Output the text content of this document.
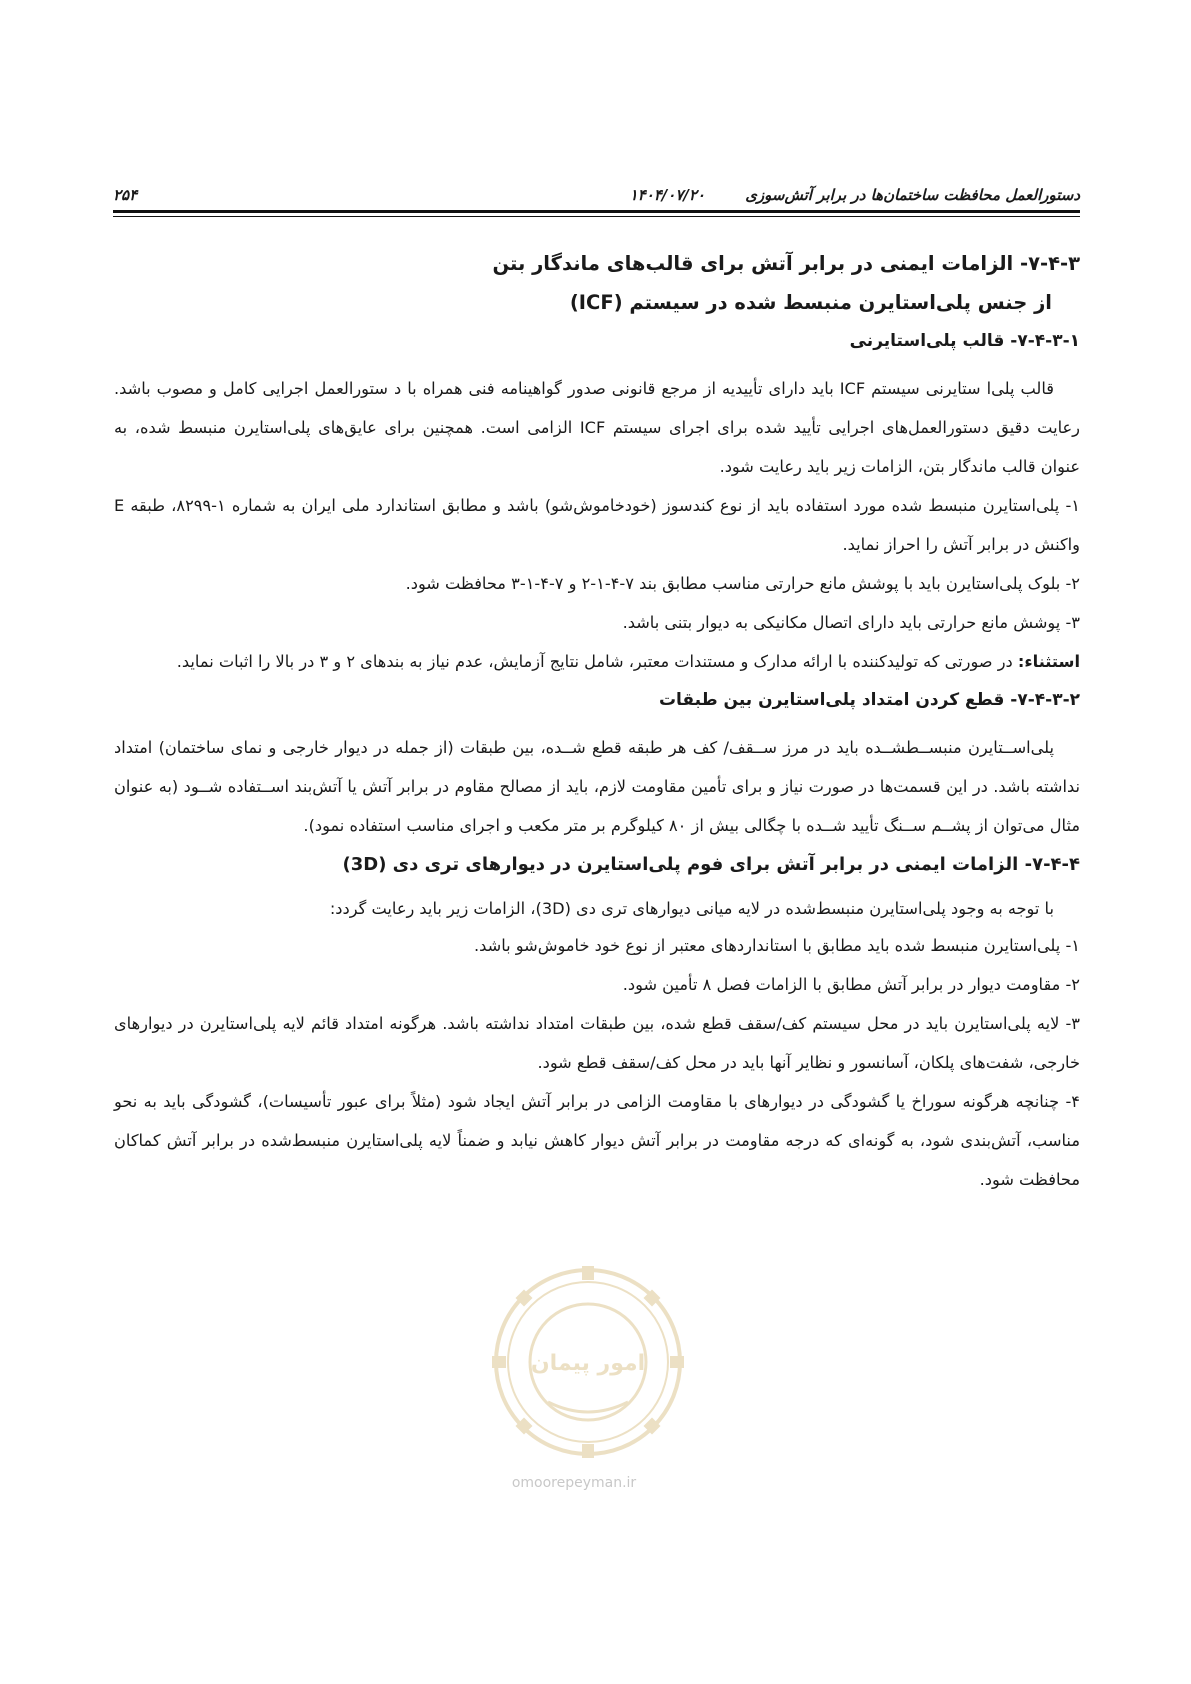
دستورالعمل محافظت ساختمان‌ها در برابر آتش‌سوزی
۱۴۰۴/۰۷/۲۰
۲۵۴

۷-۴-۳- الزامات ایمنی در برابر آتش برای قالب‌های ماندگار بتن

از جنس پلی‌استایرن منبسط شده در سیستم (ICF)

۷-۴-۳-۱- قالب پلی‌استایرنی

قالب پلی‌ا ستایرنی سیستم ICF باید دارای تأییدیه از مرجع قانونی صدور گواهینامه فنی همراه با د ستورالعمل اجرایی کامل و مصوب باشد. رعایت دقیق دستورالعمل‌های اجرایی تأیید شده برای اجرای سیستم ICF الزامی است. همچنین برای عایق‌های پلی‌استایرن منبسط شده، به عنوان قالب ماندگار بتن، الزامات زیر باید رعایت شود.

۱- پلی‌استایرن منبسط شده مورد استفاده باید از نوع کندسوز (خودخاموش‌شو) باشد و مطابق استاندارد ملی ایران به شماره ۱-۸۲۹۹، طبقه E واکنش در برابر آتش را احراز نماید.

۲- بلوک پلی‌استایرن باید با پوشش مانع حرارتی مناسب مطابق بند ۷-۴-۱-۲ و ۷-۴-۱-۳ محافظت شود.

۳- پوشش مانع حرارتی باید دارای اتصال مکانیکی به دیوار بتنی باشد.

استثناء: در صورتی که تولیدکننده با ارائه مدارک و مستندات معتبر، شامل نتایج آزمایش، عدم نیاز به بندهای ۲ و ۳ در بالا را اثبات نماید.

۷-۴-۳-۲- قطع کردن امتداد پلی‌استایرن بین طبقات

پلی‌اســتایرن منبســطشــده باید در مرز ســقف/ کف هر طبقه قطع شــده، بین طبقات (از جمله در دیوار خارجی و نمای ساختمان) امتداد نداشته باشد. در این قسمت‌ها در صورت نیاز و برای تأمین مقاومت لازم، باید از مصالح مقاوم در برابر آتش یا آتش‌بند اســتفاده شــود (به عنوان مثال می‌توان از پشــم ســنگ تأیید شــده با چگالی بیش از ۸۰ کیلوگرم بر متر مکعب و اجرای مناسب استفاده نمود).

۷-۴-۴- الزامات ایمنی در برابر آتش برای فوم پلی‌استایرن در دیوارهای تری دی (3D)

با توجه به وجود پلی‌استایرن منبسط‌شده در لایه میانی دیوارهای تری دی (3D)، الزامات زیر باید رعایت گردد:

۱- پلی‌استایرن منبسط شده باید مطابق با استانداردهای معتبر از نوع خود خاموش‌شو باشد.

۲- مقاومت دیوار در برابر آتش مطابق با الزامات فصل ۸ تأمین شود.

۳- لایه پلی‌استایرن باید در محل سیستم کف/سقف قطع شده، بین طبقات امتداد نداشته باشد. هرگونه امتداد قائم لایه پلی‌استایرن در دیوارهای خارجی، شفت‌های پلکان، آسانسور و نظایر آنها باید در محل کف/سقف قطع شود.

۴- چنانچه هرگونه سوراخ یا گشودگی در دیوارهای با مقاومت الزامی در برابر آتش ایجاد شود (مثلاً برای عبور تأسیسات)، گشودگی باید به نحو مناسب، آتش‌بندی شود، به گونه‌ای که درجه مقاومت در برابر آتش دیوار کاهش نیابد و ضمناً لایه پلی‌استایرن منبسط‌شده در برابر آتش کماکان محافظت شود.

امور پیمان
omoorepeyman.ir
